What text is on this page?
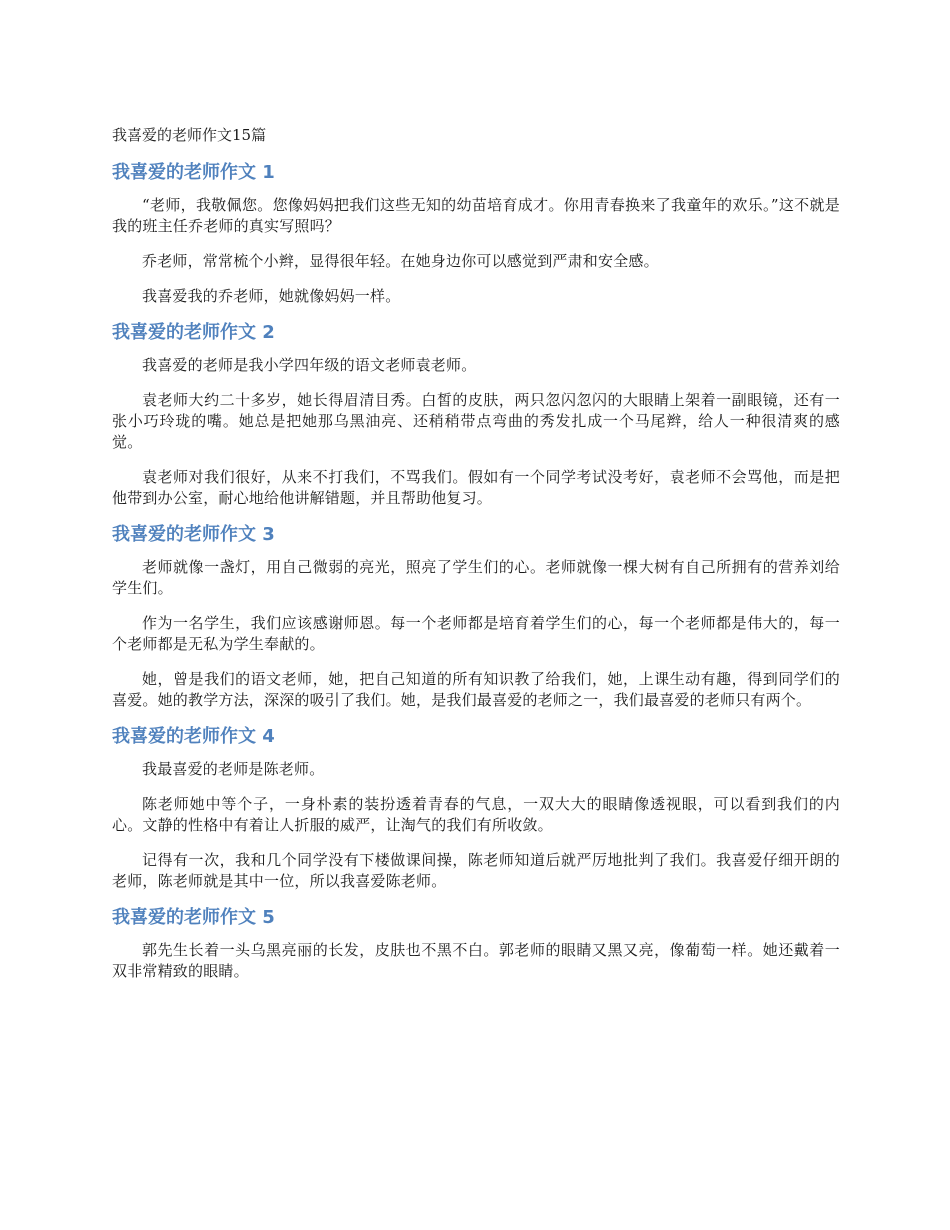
我喜爱的老师作文15篇
我喜爱的老师作文 1

“老师，我敬佩您。您像妈妈把我们这些无知的幼苗培育成才。你用青春换来了我童年的欢乐。”这不就是我的班主任乔老师的真实写照吗？

乔老师，常常梳个小辫，显得很年轻。在她身边你可以感觉到严肃和安全感。

我喜爱我的乔老师，她就像妈妈一样。

我喜爱的老师作文 2

我喜爱的老师是我小学四年级的语文老师袁老师。

袁老师大约二十多岁，她长得眉清目秀。白皙的皮肤，两只忽闪忽闪的大眼睛上架着一副眼镜，还有一张小巧玲珑的嘴。她总是把她那乌黑油亮、还稍稍带点弯曲的秀发扎成一个马尾辫，给人一种很清爽的感觉。

袁老师对我们很好，从来不打我们，不骂我们。假如有一个同学考试没考好，袁老师不会骂他，而是把他带到办公室，耐心地给他讲解错题，并且帮助他复习。

我喜爱的老师作文 3

老师就像一盏灯，用自己微弱的亮光，照亮了学生们的心。老师就像一棵大树有自己所拥有的营养刘给学生们。

作为一名学生，我们应该感谢师恩。每一个老师都是培育着学生们的心，每一个老师都是伟大的，每一个老师都是无私为学生奉献的。

她，曾是我们的语文老师，她，把自己知道的所有知识教了给我们，她，上课生动有趣，得到同学们的喜爱。她的教学方法，深深的吸引了我们。她，是我们最喜爱的老师之一，我们最喜爱的老师只有两个。

我喜爱的老师作文 4

我最喜爱的老师是陈老师。

陈老师她中等个子，一身朴素的装扮透着青春的气息，一双大大的眼睛像透视眼，可以看到我们的内心。文静的性格中有着让人折服的威严，让淘气的我们有所收敛。

记得有一次，我和几个同学没有下楼做课间操，陈老师知道后就严厉地批判了我们。我喜爱仔细开朗的老师，陈老师就是其中一位，所以我喜爱陈老师。

我喜爱的老师作文 5

郭先生长着一头乌黑亮丽的长发，皮肤也不黑不白。郭老师的眼睛又黑又亮，像葡萄一样。她还戴着一双非常精致的眼睛。
